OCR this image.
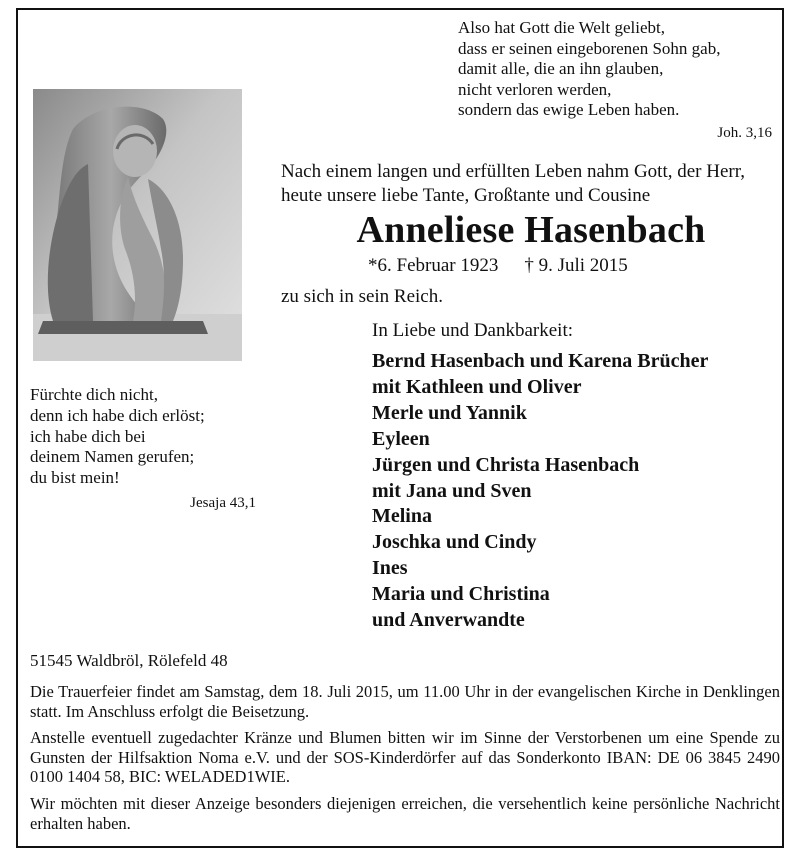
Also hat Gott die Welt geliebt,
dass er seinen eingeborenen Sohn gab,
damit alle, die an ihn glauben,
nicht verloren werden,
sondern das ewige Leben haben.
Joh. 3,16
Nach einem langen und erfüllten Leben nahm Gott, der Herr, heute unsere liebe Tante, Großtante und Cousine
Anneliese Hasenbach
*6. Februar 1923 † 9. Juli 2015
zu sich in sein Reich.
In Liebe und Dankbarkeit:
Bernd Hasenbach und Karena Brücher
mit Kathleen und Oliver
Merle und Yannik
Eyleen
Jürgen und Christa Hasenbach
mit Jana und Sven
Melina
Joschka und Cindy
Ines
Maria und Christina
und Anverwandte
Fürchte dich nicht,
denn ich habe dich erlöst;
ich habe dich bei
deinem Namen gerufen;
du bist mein!
Jesaja 43,1
51545 Waldbröl, Rölefeld 48
Die Trauerfeier findet am Samstag, dem 18. Juli 2015, um 11.00 Uhr in der evangelischen Kirche in Denklingen statt. Im Anschluss erfolgt die Beisetzung.
Anstelle eventuell zugedachter Kränze und Blumen bitten wir im Sinne der Verstorbenen um eine Spende zu Gunsten der Hilfsaktion Noma e.V. und der SOS-Kinderdörfer auf das Sonderkonto IBAN: DE 06 3845 2490 0100 1404 58, BIC: WELADED1WIE.
Wir möchten mit dieser Anzeige besonders diejenigen erreichen, die versehentlich keine persönliche Nachricht erhalten haben.
